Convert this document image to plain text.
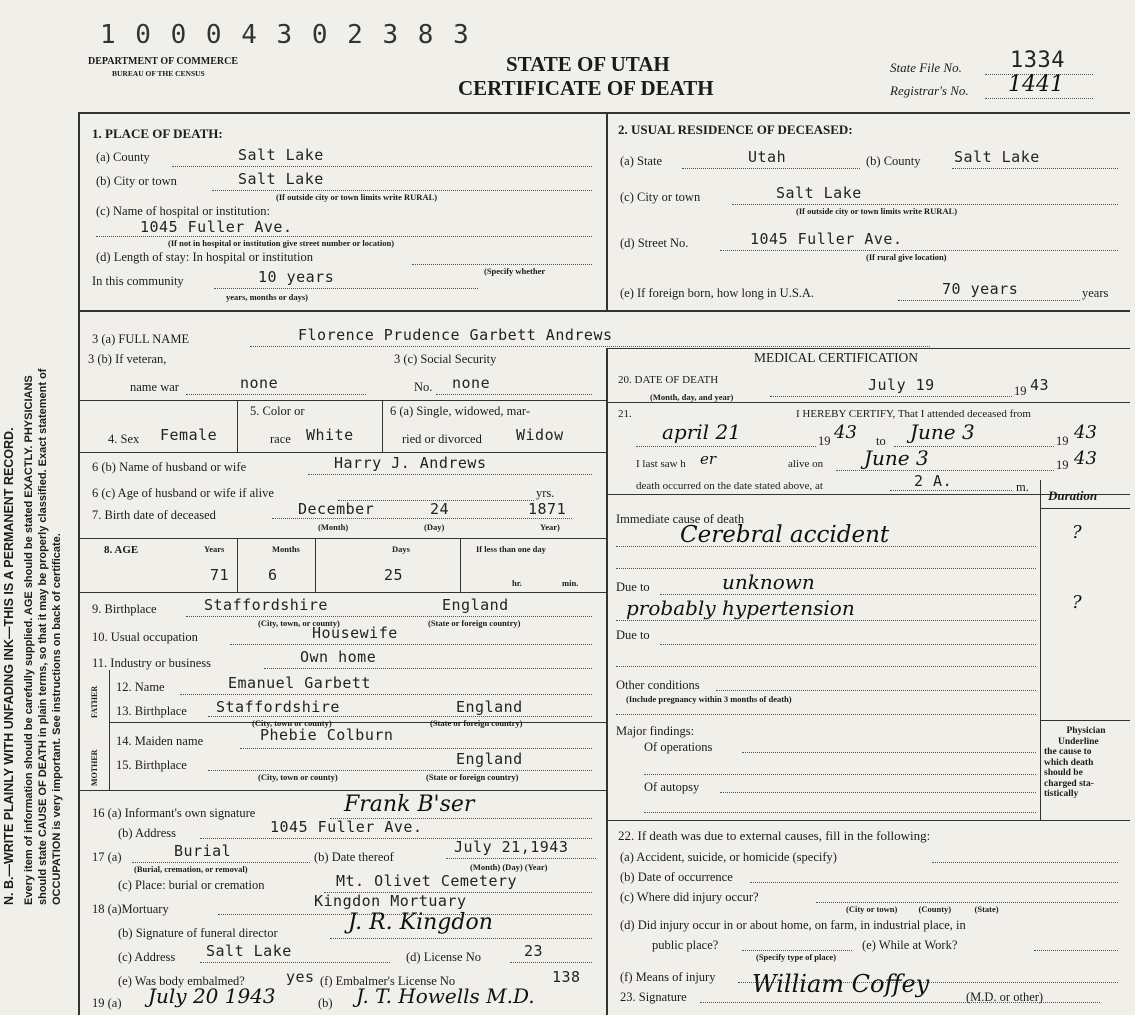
1 0 0 0 4 3 0 2 3 8 3
DEPARTMENT OF COMMERCE
BUREAU OF THE CENSUS	STATE OF UTAH
CERTIFICATE OF DEATH
State File No. 1334
Registrar's No. 1441
N. B.—WRITE PLAINLY WITH UNFADING INK—THIS IS A PERMANENT RECORD. Every item of information should be carefully supplied. AGE should be stated EXACTLY. PHYSICIANS should state CAUSE OF DEATH in plain terms, so that it may be properly classified. Exact statement of OCCUPATION is very important. See instructions on back of certificate.
1. PLACE OF DEATH:
(a) County	Salt Lake
(b) City or town	Salt Lake
(If outside city or town limits write RURAL)
(c) Name of hospital or institution:
1045 Fuller Ave.
(If not in hospital or institution give street number or location)
(d) Length of stay: In hospital or institution
In this community	10 years	(Specify whether
years, months or days)
2. USUAL RESIDENCE OF DECEASED:
(a) State	Utah	(b) County Salt Lake
(c) City or town	Salt Lake
(If outside city or town limits write RURAL)
(d) Street No.	1045 Fuller Ave.
(If rural give location)
(e) If foreign born, how long in U.S.A.	70 years	years
3 (a) FULL NAME	Florence Prudence Garbett Andrews
MEDICAL CERTIFICATION
3 (b) If veteran,
name war	none
3 (c) Social Security
No. none
4. Sex Female
5. Color or
race White
6 (a) Single, widowed, mar-
ried or divorced Widow
6 (b) Name of husband or wife	Harry J. Andrews
6 (c) Age of husband or wife if alive	yrs.
7. Birth date of deceased	December	24	1871
(Month)	(Day)	Year)
8. AGE	Years	Months	Days	If less than one day
71	6	25	hr.	min.
9. Birthplace	Staffordshire	England
(City, town, or county)	(State or foreign country)
10. Usual occupation	Housewife
11. Industry or business	Own home
FATHER
MOTHER
12. Name	Emanuel Garbett
13. Birthplace Staffordshire	England
(City, town or county)	(State or foreign country)
14. Maiden name	Phebie Colburn
15. Birthplace	England
(City, town or county)	(State or foreign country)
16 (a) Informant's own signature	Frank B'ser
(b) Address	1045 Fuller Ave.
17 (a)	Burial
(Burial, cremation, or removal)
(b) Date thereof
July 21,1943
(Month) (Day) (Year)
(c) Place: burial or cremation	Mt. Olivet Cemetery
18 (a)Mortuary	Kingdon Mortuary
(b) Signature of funeral director	J. R. Kingdon
(c) Address Salt Lake	(d) License No	23
(e) Was body embalmed?	yes (f) Embalmer's License No	138
19 (a) July 20 1943	(b) J. T. Howells M.D.
20. DATE OF DEATH
(Month, day, and year)
July 19	19 43
21.	I HEREBY CERTIFY, That I attended deceased from
april 21	19 43 to June 3	19 43
I last saw h er	alive on June 3	19 43
death occurred on the date stated above, at	2 A.	m.
Duration
Immediate cause of death
Cerebral accident	?
Due to	unknown
probably hypertension	?
Due to
Other conditions
(Include pregnancy within 3 months of death)
Major findings:
Of operations
Of autopsy
Physician
Underline
the cause to
which death
should be
charged sta-
tistically
22. If death was due to external causes, fill in the following:
(a) Accident, suicide, or homicide (specify)
(b) Date of occurrence
(c) Where did injury occur?
(City or town)          (County)           (State)
(d) Did injury occur in or about home, on farm, in industrial place, in
public place?	(e) While at Work?
(Specify type of place)
(f) Means of injury
23. Signature	William Coffey	(M.D. or other)
